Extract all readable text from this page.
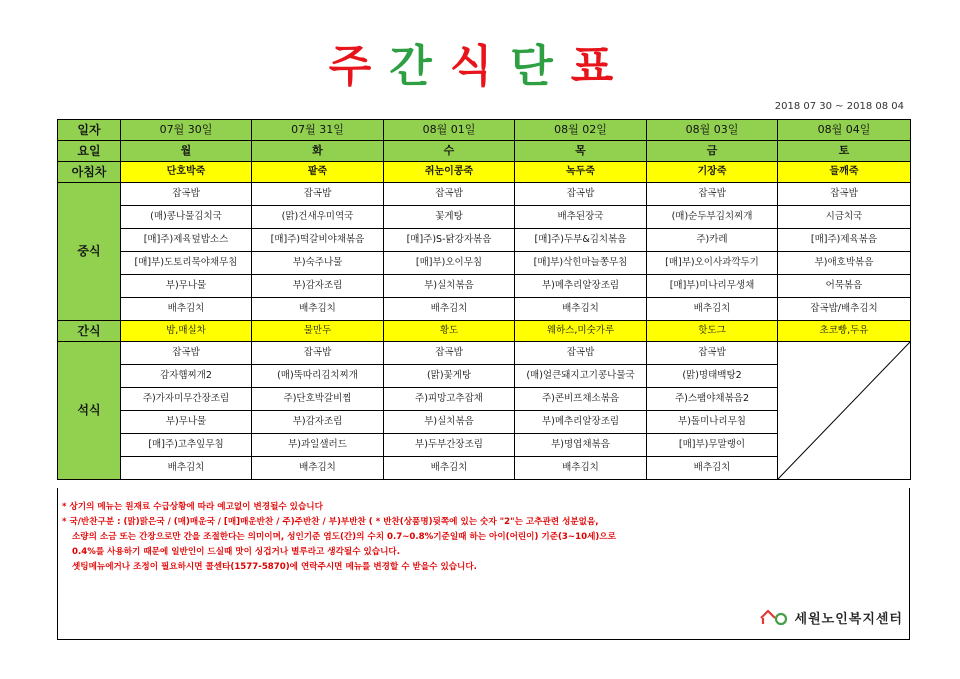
주간식단표
2018 07 30 ~ 2018 08 04
일자	07월 30일	07월 31일	08월 01일	08월 02일	08월 03일	08월 04일
요일	월	화	수	목	금	토
아침차	단호박죽	팥죽	쥐눈이콩죽	녹두죽	기장죽	들깨죽
중식	잡곡밥	잡곡밥	잡곡밥	잡곡밥	잡곡밥	잡곡밥
	(매)콩나물김치국	(맑)건새우미역국	꽃게탕	배추된장국	(매)순두부김치찌개	시금치국
	[매]주)제육덮밥소스	[매]주)떡갈비야채볶음	[매]주)S-닭강자볶음	[매]주)두부&김치볶음	주)카레	[매]주)제육볶음
	[매]부)도토리묵야채무침	부)숙주나물	[매]부)오이무침	[매]부)삭힌마늘쫑무침	[매]부)오이사과깍두기	부)애호박볶음
	부)무나물	부)감자조림	부)실치볶음	부)메추리알장조림	[매]부)미나리무생채	어묵볶음
	배추김치	배추김치	배추김치	배추김치	배추김치	잡곡밥/배추김치
간식	밤,매실차	물만두	황도	웨하스,미숫가루	핫도그	초코빵,두유
석식	잡곡밥	잡곡밥	잡곡밥	잡곡밥	잡곡밥	

	감자햄찌개2	(매)뚝따리김치찌개	(맑)꽃게탕	(매)얼큰돼지고기콩나물국	(맑)명태백탕2	
	주)가자미무간장조림	주)단호박갈비찜	주)피망고추잡채	주)콘비프채소볶음	주)스팸야채볶음2	
	부)무나물	부)감자조림	부)실치볶음	부)메추리알장조림	부)돌미나리무침	
	[매]주)고추잎무침	부)과일샐러드	부)두부간장조림	부)명엽채볶음	[매]부)무말랭이	
	배추김치	배추김치	배추김치	배추김치	배추김치	
* 상기의 메뉴는 원재료 수급상황에 따라 예고없이 변경될수 있습니다
* 국/반찬구분 : (맑)맑은국 / (매)매운국 / [매]매운반찬 / 주)주반찬 / 부)부반찬 ( * 반찬(상품명)뒷쪽에 있는 숫자 "2"는 고추관련 성분없음,
소량의 소금 또는 간장으로만 간을 조절한다는 의미이며, 성인기준 염도(간)의 수치 0.7~0.8%기준일때 하는 아이(어린이) 기준(3~10세)으로
0.4%를 사용하기 때문에 일반인이 드실때 맛이 싱겁거나 별루라고 생각될수 있습니다.
셋팅메뉴에거나 조정이 필요하시면 콜센타(1577-5870)에 연락주시면 메뉴를 변경할 수 받을수 있습니다.
세원노인복지센터
